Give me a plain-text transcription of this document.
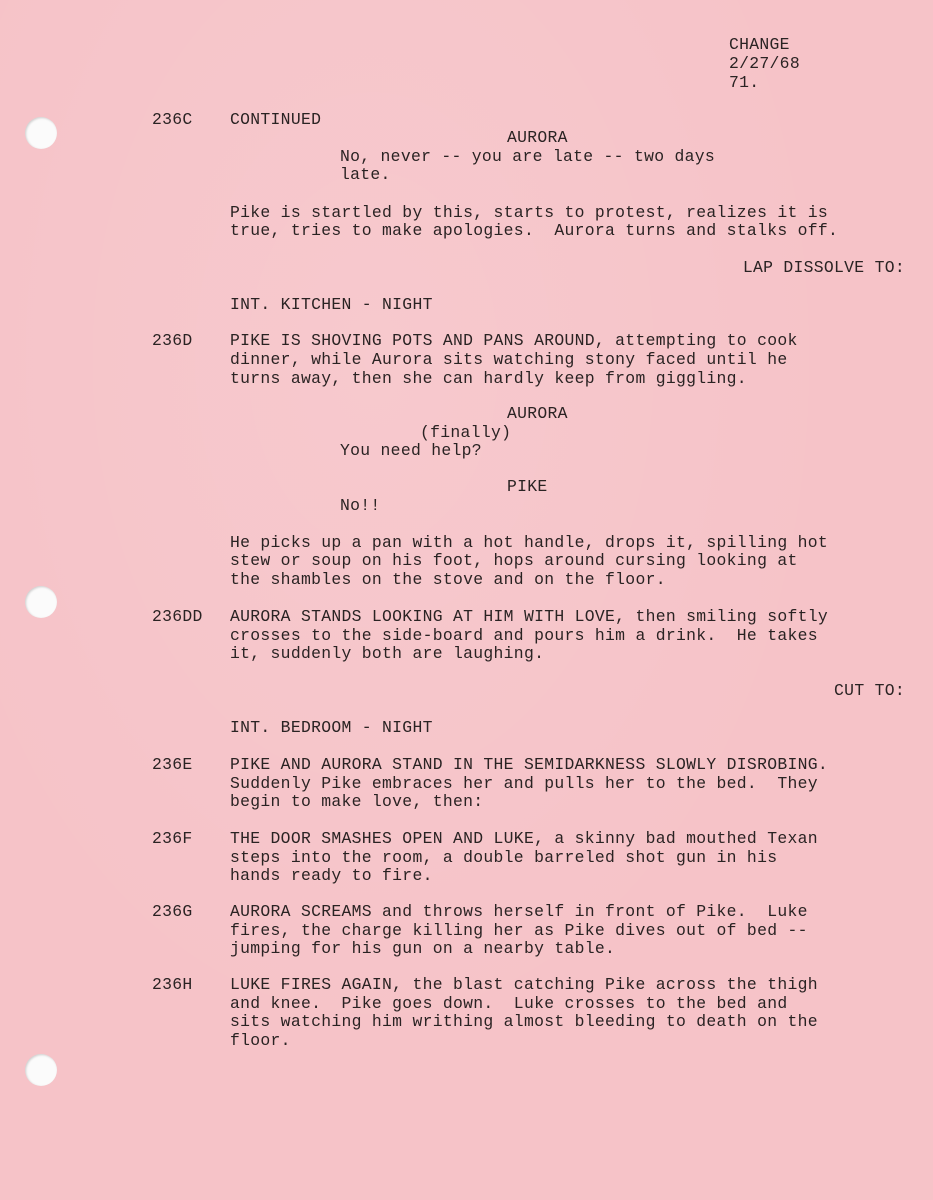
CHANGE
2/27/68
71.
236C CONTINUED
AURORA
No, never -- you are late -- two days
late.
Pike is startled by this, starts to protest, realizes it is
true, tries to make apologies.  Aurora turns and stalks off.
LAP DISSOLVE TO:
INT. KITCHEN - NIGHT
236D PIKE IS SHOVING POTS AND PANS AROUND, attempting to cook
dinner, while Aurora sits watching stony faced until he
turns away, then she can hardly keep from giggling.
AURORA
(finally)
You need help?
PIKE
No!!
He picks up a pan with a hot handle, drops it, spilling hot
stew or soup on his foot, hops around cursing looking at
the shambles on the stove and on the floor.
236DD AURORA STANDS LOOKING AT HIM WITH LOVE, then smiling softly
crosses to the side-board and pours him a drink.  He takes
it, suddenly both are laughing.
CUT TO:
INT. BEDROOM - NIGHT
236E PIKE AND AURORA STAND IN THE SEMIDARKNESS SLOWLY DISROBING.
Suddenly Pike embraces her and pulls her to the bed.  They
begin to make love, then:
236F THE DOOR SMASHES OPEN AND LUKE, a skinny bad mouthed Texan
steps into the room, a double barreled shot gun in his
hands ready to fire.
236G AURORA SCREAMS and throws herself in front of Pike.  Luke
fires, the charge killing her as Pike dives out of bed --
jumping for his gun on a nearby table.
236H LUKE FIRES AGAIN, the blast catching Pike across the thigh
and knee.  Pike goes down.  Luke crosses to the bed and
sits watching him writhing almost bleeding to death on the
floor.
